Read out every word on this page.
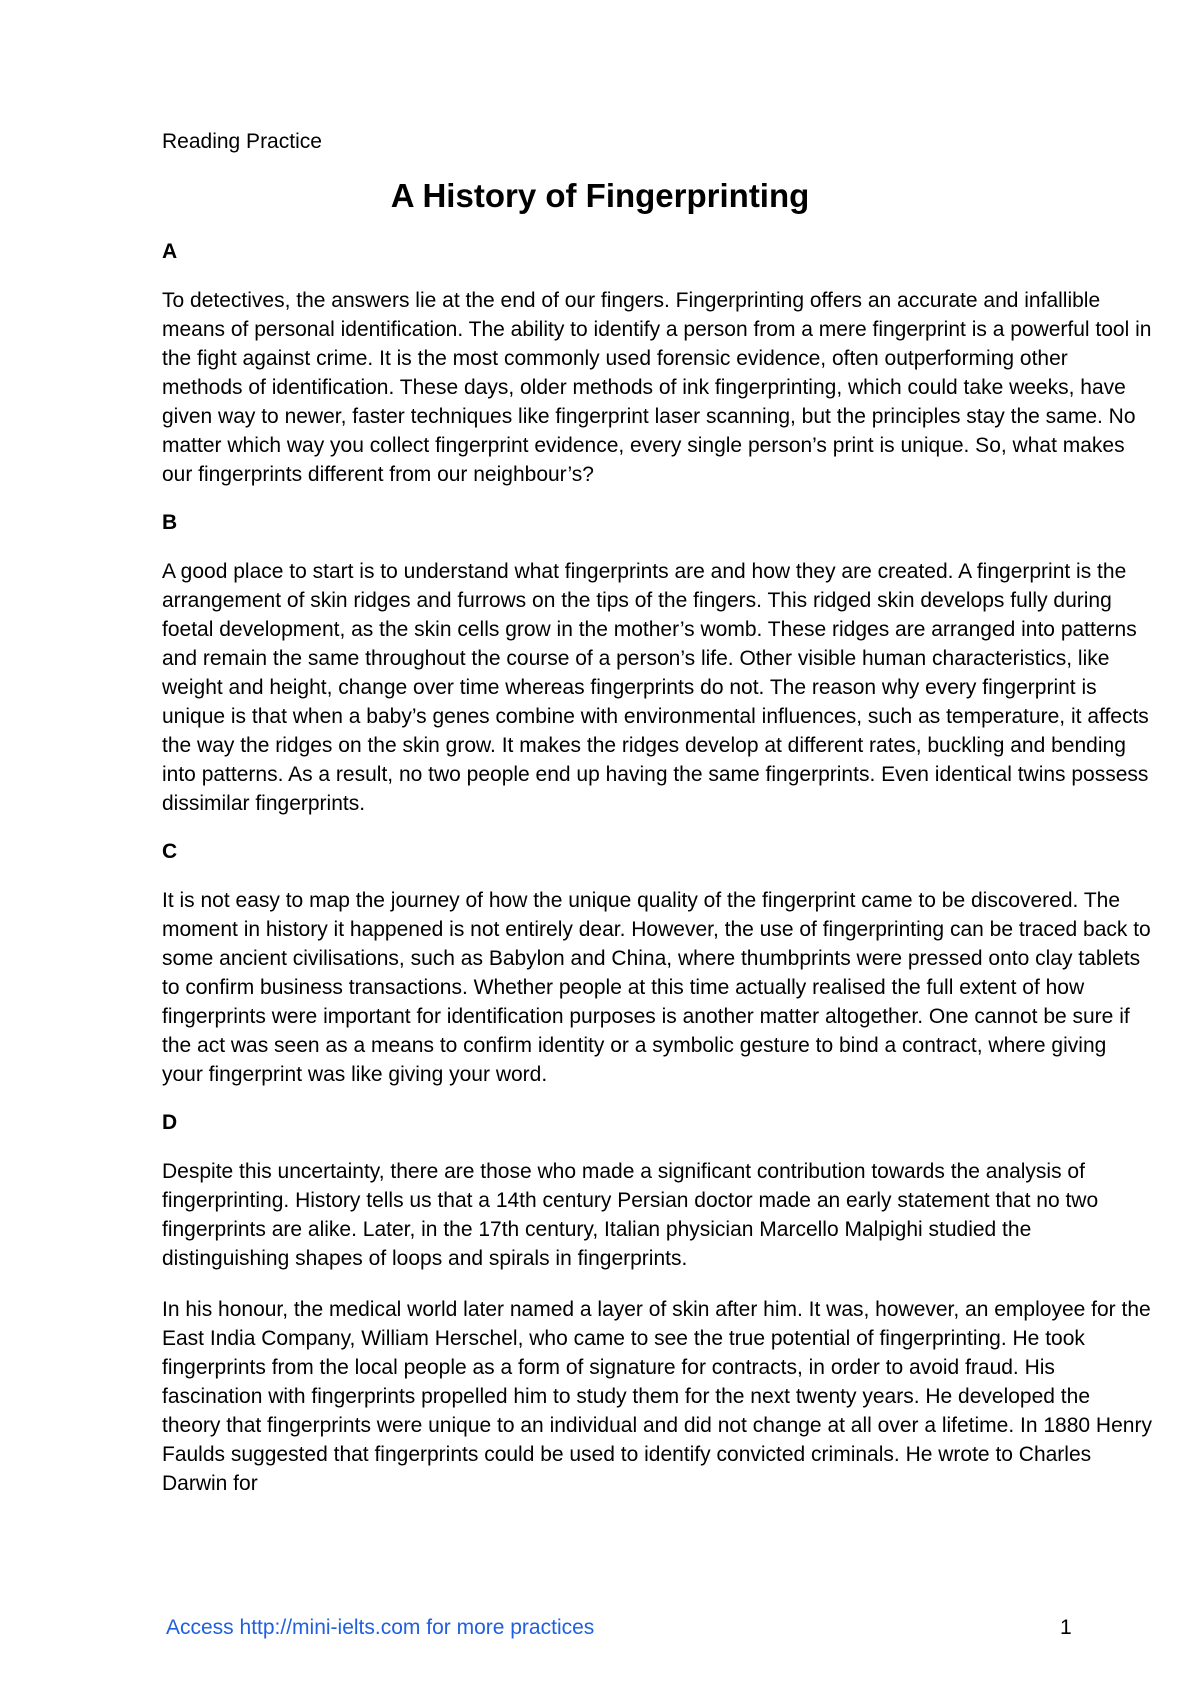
Reading Practice
A History of Fingerprinting
A

To detectives, the answers lie at the end of our fingers. Fingerprinting offers an accurate and infallible means of personal identification. The ability to identify a person from a mere fingerprint is a powerful tool in the fight against crime. It is the most commonly used forensic evidence, often outperforming other methods of identification. These days, older methods of ink fingerprinting, which could take weeks, have given way to newer, faster techniques like fingerprint laser scanning, but the principles stay the same. No matter which way you collect fingerprint evidence, every single person’s print is unique. So, what makes our fingerprints different from our neighbour’s?

B

A good place to start is to understand what fingerprints are and how they are created. A fingerprint is the arrangement of skin ridges and furrows on the tips of the fingers. This ridged skin develops fully during foetal development, as the skin cells grow in the mother’s womb. These ridges are arranged into patterns and remain the same throughout the course of a person’s life. Other visible human characteristics, like weight and height, change over time whereas fingerprints do not. The reason why every fingerprint is unique is that when a baby’s genes combine with environmental influences, such as temperature, it affects the way the ridges on the skin grow. It makes the ridges develop at different rates, buckling and bending into patterns. As a result, no two people end up having the same fingerprints. Even identical twins possess dissimilar fingerprints.

C

It is not easy to map the journey of how the unique quality of the fingerprint came to be discovered. The moment in history it happened is not entirely dear. However, the use of fingerprinting can be traced back to some ancient civilisations, such as Babylon and China, where thumbprints were pressed onto clay tablets to confirm business transactions. Whether people at this time actually realised the full extent of how fingerprints were important for identification purposes is another matter altogether. One cannot be sure if the act was seen as a means to confirm identity or a symbolic gesture to bind a contract, where giving your fingerprint was like giving your word.

D

Despite this uncertainty, there are those who made a significant contribution towards the analysis of fingerprinting. History tells us that a 14th century Persian doctor made an early statement that no two fingerprints are alike. Later, in the 17th century, Italian physician Marcello Malpighi studied the distinguishing shapes of loops and spirals in fingerprints.

In his honour, the medical world later named a layer of skin after him. It was, however, an employee for the East India Company, William Herschel, who came to see the true potential of fingerprinting. He took fingerprints from the local people as a form of signature for contracts, in order to avoid fraud. His fascination with fingerprints propelled him to study them for the next twenty years. He developed the theory that fingerprints were unique to an individual and did not change at all over a lifetime. In 1880 Henry Faulds suggested that fingerprints could be used to identify convicted criminals. He wrote to Charles Darwin for

Access http://mini-ielts.com for more practices	1
